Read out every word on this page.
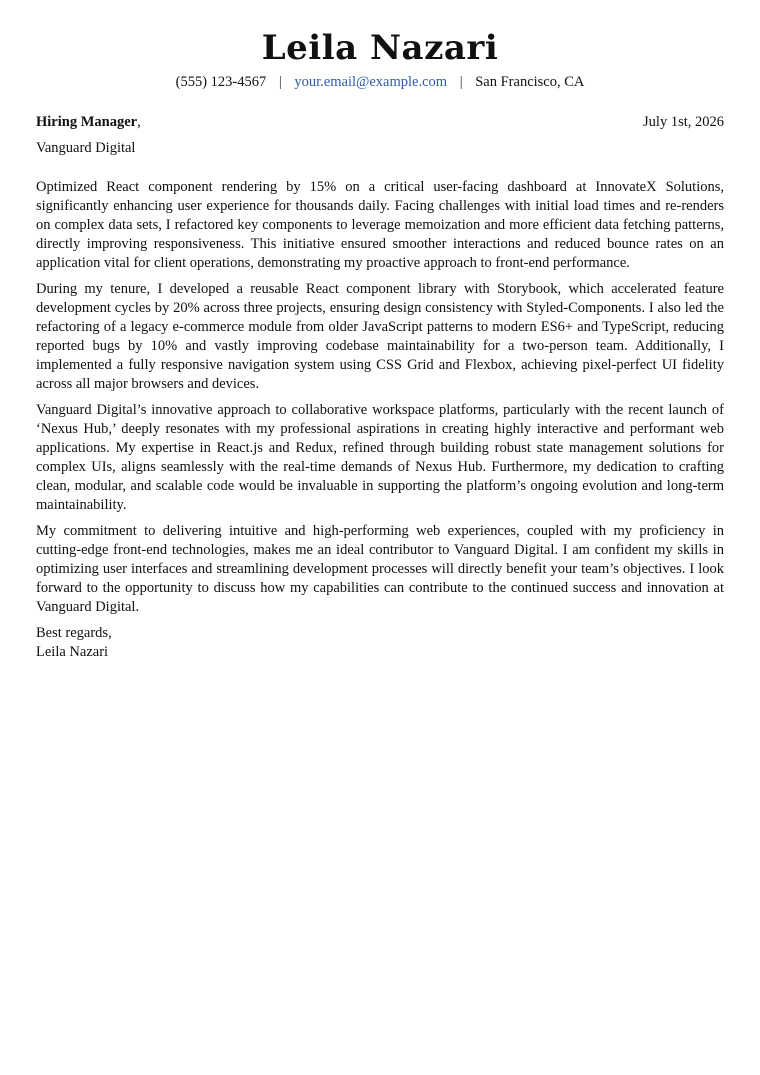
Leila Nazari
(555) 123-4567 | your.email@example.com | San Francisco, CA
Hiring Manager,	July 1st, 2026
Vanguard Digital

Optimized React component rendering by 15% on a critical user-facing dashboard at InnovateX Solutions, significantly enhancing user experience for thousands daily. Facing challenges with initial load times and re-renders on complex data sets, I refactored key components to leverage memoization and more efficient data fetching patterns, directly improving responsiveness. This initiative ensured smoother interactions and reduced bounce rates on an application vital for client operations, demonstrating my proactive approach to front-end performance.

During my tenure, I developed a reusable React component library with Storybook, which accelerated feature development cycles by 20% across three projects, ensuring design consistency with Styled-Components. I also led the refactoring of a legacy e-commerce module from older JavaScript patterns to modern ES6+ and TypeScript, reducing reported bugs by 10% and vastly improving codebase maintainability for a two-person team. Additionally, I implemented a fully responsive navigation system using CSS Grid and Flexbox, achieving pixel-perfect UI fidelity across all major browsers and devices.

Vanguard Digital’s innovative approach to collaborative workspace platforms, particularly with the recent launch of ‘Nexus Hub,’ deeply resonates with my professional aspirations in creating highly interactive and performant web applications. My expertise in React.js and Redux, refined through building robust state management solutions for complex UIs, aligns seamlessly with the real-time demands of Nexus Hub. Furthermore, my dedication to crafting clean, modular, and scalable code would be invaluable in supporting the platform’s ongoing evolution and long-term maintainability.

My commitment to delivering intuitive and high-performing web experiences, coupled with my proficiency in cutting-edge front-end technologies, makes me an ideal contributor to Vanguard Digital. I am confident my skills in optimizing user interfaces and streamlining development processes will directly benefit your team’s objectives. I look forward to the opportunity to discuss how my capabilities can contribute to the continued success and innovation at Vanguard Digital.

Best regards,
Leila Nazari
